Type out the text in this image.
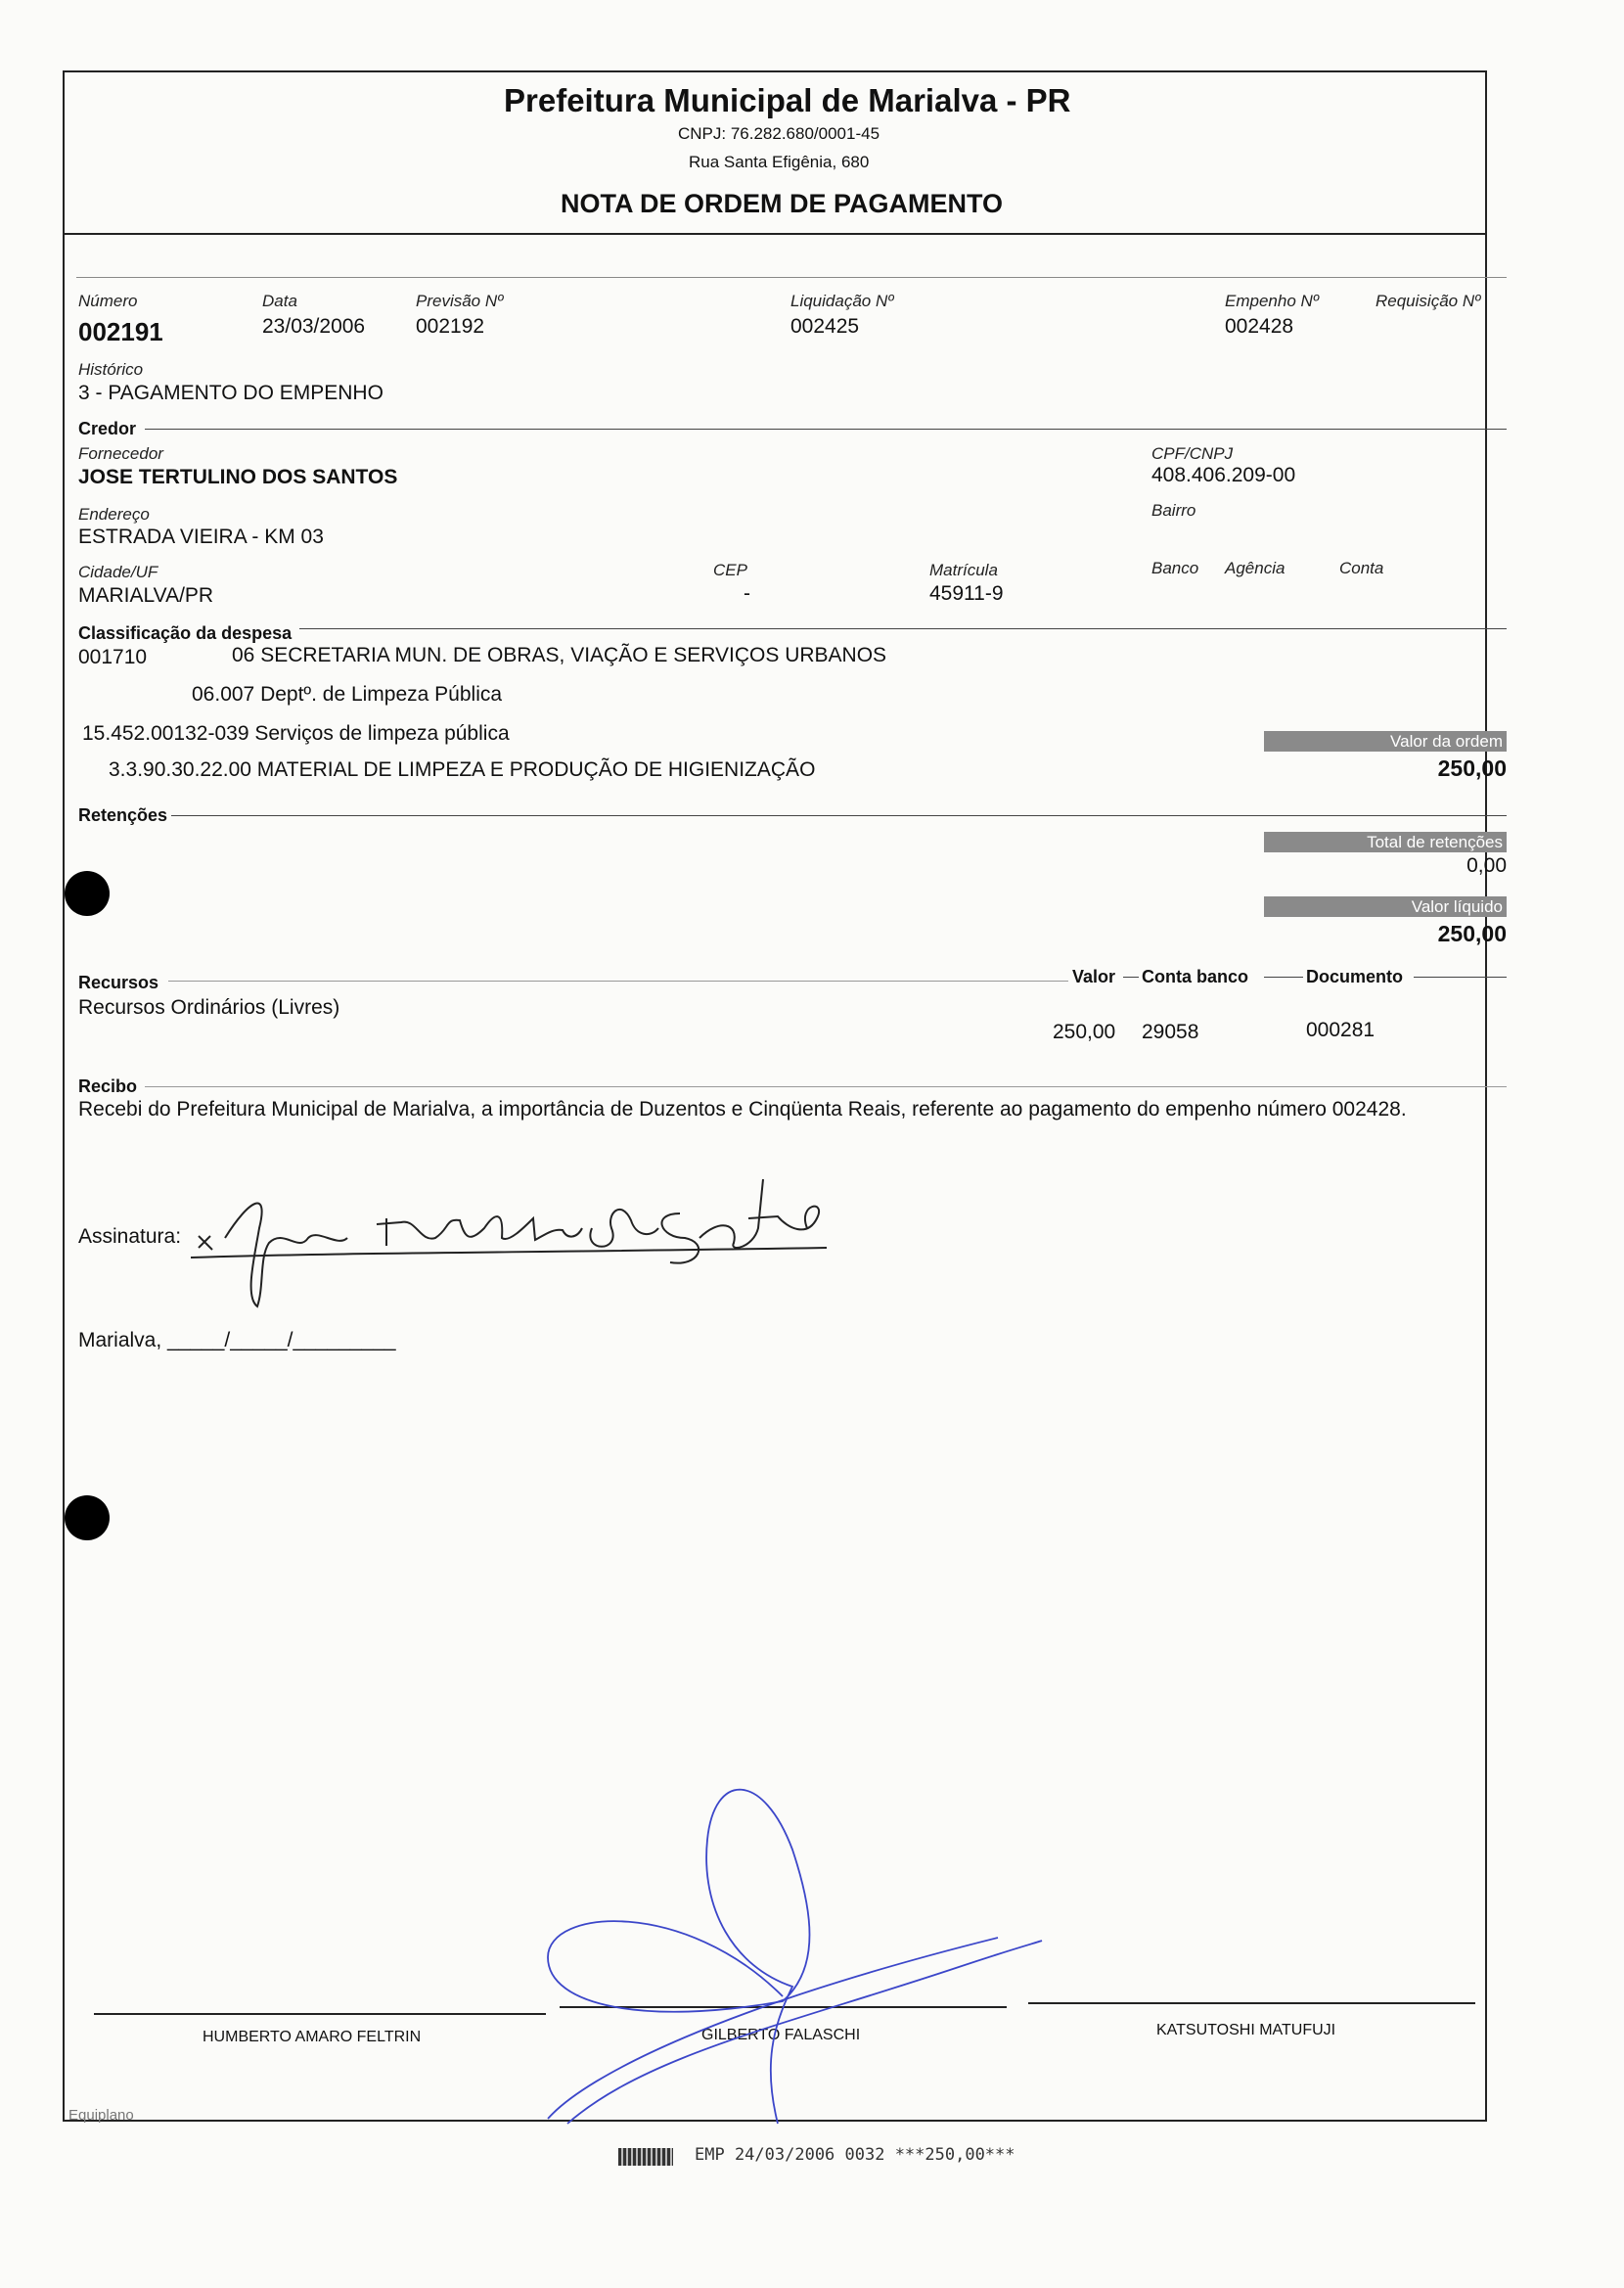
Prefeitura Municipal de Marialva - PR
CNPJ: 76.282.680/0001-45
Rua Santa Efigênia, 680
NOTA DE ORDEM DE PAGAMENTO
Número
002191
Data
23/03/2006
Previsão Nº
002192
Liquidação Nº
002425
Empenho Nº
002428
Requisição Nº
Histórico
3 - PAGAMENTO DO EMPENHO
Credor
Fornecedor
JOSE TERTULINO DOS SANTOS
CPF/CNPJ
408.406.209-00
Endereço
ESTRADA VIEIRA - KM 03
Bairro
Cidade/UF
MARIALVA/PR
CEP
-
Matrícula
45911-9
Banco Agência	Conta
Classificação da despesa
001710	06 SECRETARIA MUN. DE OBRAS, VIAÇÃO E SERVIÇOS URBANOS
06.007 Deptº. de Limpeza Pública
15.452.00132-039 Serviços de limpeza pública
3.3.90.30.22.00 MATERIAL DE LIMPEZA E PRODUÇÃO DE HIGIENIZAÇÃO
Valor da ordem
250,00
Retenções
Total de retenções
0,00
Valor líquido
250,00
Recursos	Valor Conta banco	Documento
Recursos Ordinários (Livres)
250,00 29058	000281
Recibo
Recebi do Prefeitura Municipal de Marialva, a importância de Duzentos e Cinqüenta Reais, referente ao pagamento do empenho número 002428.
Assinatura:
Marialva, _____/_____/_________
HUMBERTO AMARO FELTRIN	GILBERTO FALASCHI	KATSUTOSHI MATUFUJI
Equiplano
EMP 24/03/2006 0032 ***250,00***
